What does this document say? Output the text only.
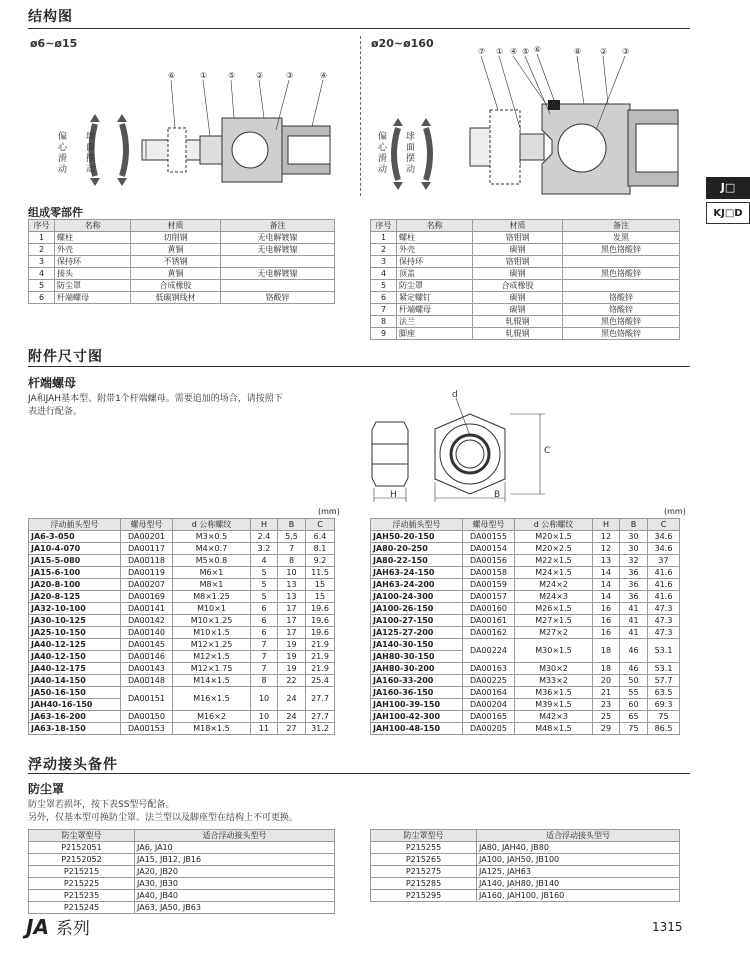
结构图
ø6~ø15	ø20~ø160
⑥	①	⑤	②	③	④
偏心滑动
球面摆动
⑦ ① ④ ⑤ ⑥	⑧ ② ③
偏心滑动
球面摆动
J□
KJ□D
组成零部件
序号	名称	材质	备注
1	螺柱	切削钢	无电解镀镍
2	外壳	黄铜	无电解镀镍
3	保持环	不锈钢	
4	接头	黄铜	无电解镀镍
5	防尘罩	合成橡胶	
6	杆端螺母	低碳钢线材	铬酸锌
序号	名称	材质	备注
1	螺柱	铬钼钢	发黑
2	外壳	碳钢	黑色铬酸锌
3	保持环	铬钼钢	
4	顶盖	碳钢	黑色铬酸锌
5	防尘罩	合成橡胶	
6	紧定螺钉	碳钢	铬酸锌
7	杆端螺母	碳钢	铬酸锌
8	法兰	轧辊钢	黑色铬酸锌
9	脚座	轧辊钢	黑色铬酸锌
附件尺寸图
杆端螺母
JA和JAH基本型、附带1个杆端螺母。需要追加的场合，请按照下
表进行配备。
d
H	B
C
(mm)	(mm)
浮动插头型号	螺母型号	d 公称螺纹	H	B	C
JA6-3-050	DA00201	M3×0.5	2.4	5.5	6.4
JA10-4-070	DA00117	M4×0.7	3.2	7	8.1
JA15-5-080	DA00118	M5×0.8	4	8	9.2
JA15-6-100	DA00119	M6×1	5	10	11.5
JA20-8-100	DA00207	M8×1	5	13	15
JA20-8-125	DA00169	M8×1.25	5	13	15
JA32-10-100	DA00141	M10×1	6	17	19.6
JA30-10-125	DA00142	M10×1.25	6	17	19.6
JA25-10-150	DA00140	M10×1.5	6	17	19.6
JA40-12-125	DA00145	M12×1.25	7	19	21.9
JA40-12-150	DA00146	M12×1.5	7	19	21.9
JA40-12-175	DA00143	M12×1.75	7	19	21.9
JA40-14-150	DA00148	M14×1.5	8	22	25.4
JA50-16-150	DA00151	M16×1.5	10	24	27.7
JAH40-16-150					
JA63-16-200	DA00150	M16×2	10	24	27.7
JA63-18-150	DA00153	M18×1.5	11	27	31.2
浮动插头型号	螺母型号	d 公称螺纹	H	B	C
JAH50-20-150	DA00155	M20×1.5	12	30	34.6
JA80-20-250	DA00154	M20×2.5	12	30	34.6
JA80-22-150	DA00156	M22×1.5	13	32	37
JAH63-24-150	DA00158	M24×1.5	14	36	41.6
JAH63-24-200	DA00159	M24×2	14	36	41.6
JA100-24-300	DA00157	M24×3	14	36	41.6
JA100-26-150	DA00160	M26×1.5	16	41	47.3
JA100-27-150	DA00161	M27×1.5	16	41	47.3
JA125-27-200	DA00162	M27×2	16	41	47.3
JA140-30-150	DA00224	M30×1.5	18	46	53.1
JAH80-30-150					
JAH80-30-200	DA00163	M30×2	18	46	53.1
JA160-33-200	DA00225	M33×2	20	50	57.7
JA160-36-150	DA00164	M36×1.5	21	55	63.5
JAH100-39-150	DA00204	M39×1.5	23	60	69.3
JAH100-42-300	DA00165	M42×3	25	65	75
JAH100-48-150	DA00205	M48×1.5	29	75	86.5
浮动接头备件
防尘罩
防尘罩若损坏，按下表SS型号配备。
另外，仅基本型可换防尘罩。法兰型以及脚座型在结构上不可更换。
防尘罩型号	适合浮动接头型号
P2152051	JA6, JA10
P2152052	JA15, JB12, JB16
P215215	JA20, JB20
P215225	JA30, JB30
P215235	JA40, JB40
P215245	JA63, JA50, JB63
防尘罩型号	适合浮动接头型号
P215255	JA80, JAH40, JB80
P215265	JA100, JAH50, JB100
P215275	JA125, JAH63
P215285	JA140, JAH80, JB140
P215295	JA160, JAH100, JB160
JA 系列	1315
